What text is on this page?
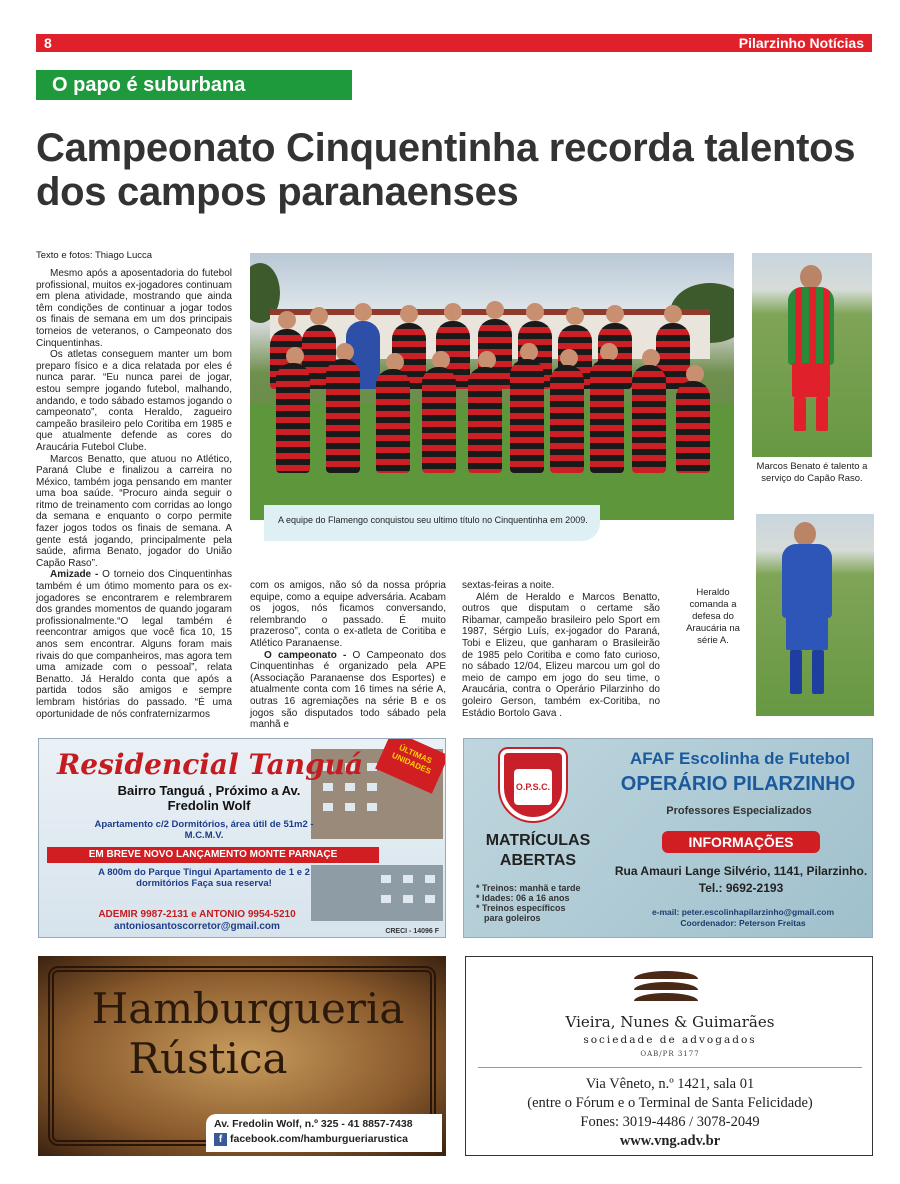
8	Pilarzinho Notícias
O papo é suburbana
Campeonato Cinquentinha recorda talentos
dos campos paranaenses
Texto e fotos: Thiago Lucca

Mesmo após a aposentadoria do futebol profissional, muitos ex-jogadores continuam em plena atividade, mostrando que ainda têm condições de continuar a jogar todos os finais de semana em um dos principais torneios de veteranos, o Campeonato dos Cinquentinhas.

Os atletas conseguem manter um bom preparo físico e a dica relatada por eles é nunca parar. “Eu nunca parei de jogar, estou sempre jogando futebol, malhando, andando, e todo sábado estamos jogando o campeonato”, conta Heraldo, zagueiro campeão brasileiro pelo Coritiba em 1985 e que atualmente defende as cores do Araucária Futebol Clube.

Marcos Benatto, que atuou no Atlético, Paraná Clube e finalizou a carreira no México, também joga pensando em manter uma boa saúde. “Procuro ainda seguir o ritmo de treinamento com corridas ao longo da semana e enquanto o corpo permite fazer jogos todos os finais de semana. A gente está jogando, principalmente pela saúde, afirma Benato, jogador do União Capão Raso”.

Amizade - O torneio dos Cinquentinhas também é um ótimo momento para os ex-jogadores se encontrarem e relembrarem dos grandes momentos de quando jogaram profissionalmente.“O legal também é reencontrar amigos que você fica 10, 15 anos sem encontrar. Alguns foram mais rivais do que companheiros, mas agora tem uma amizade com o pessoal”, relata Benatto. Já Heraldo conta que após a partida todos são amigos e sempre lembram histórias do passado. “É uma oportunidade de nós confraternizarmos

com os amigos, não só da nossa própria equipe, como a equipe adversária. Acabam os jogos, nós ficamos conversando, relembrando o passado. É muito prazeroso”, conta o ex-atleta de Coritiba e Atlético Paranaense.

O campeonato - O Campeonato dos Cinquentinhas é organizado pela APE (Associação Paranaense dos Esportes) e atualmente conta com 16 times na série A, outras 16 agremiações na série B e os jogos são disputados todo sábado pela manhã e

sextas-feiras a noite.

Além de Heraldo e Marcos Benatto, outros que disputam o certame são Ribamar, campeão brasileiro pelo Sport em 1987, Sérgio Luís, ex-jogador do Paraná, Tobi e Elizeu, que ganharam o Brasileirão de 1985 pelo Coritiba e como fato curioso, no sábado 12/04, Elizeu marcou um gol do meio de campo em jogo do seu time, o Araucária, contra o Operário Pilarzinho do goleiro Gerson, também ex-Coritiba, no Estádio Bortolo Gava .

A equipe do Flamengo conquistou seu ultimo título no Cinquentinha em 2009.
Marcos Benato é talento a serviço do Capão Raso.
Heraldo comanda a defesa do Araucária na série A.
Residencial Tanguá	ÚLTIMAS UNIDADES
Bairro Tanguá , Próximo a Av. Fredolin Wolf
Apartamento c/2 Dormitórios, área útil de 51m2 - M.C.M.V.
EM BREVE NOVO LANÇAMENTO MONTE PARNAÇE
A 800m do Parque Tingui Apartamento de 1 e 2 dormitórios Faça sua reserva!
ADEMIR 9987-2131 e ANTONIO 9954-5210
antoniosantoscorretor@gmail.com	CRECI - 14096 F
O.P.S.C.
AFAF Escolinha de Futebol
OPERÁRIO PILARZINHO
Professores Especializados
INFORMAÇÕES
MATRÍCULAS ABERTAS
Rua Amauri Lange Silvério, 1141, Pilarzinho. Tel.: 9692-2193
* Treinos: manhã e tarde
* Idades: 06 a 16 anos
* Treinos específicos
para goleiros
e-mail: peter.escolinhapilarzinho@gmail.com
Coordenador: Peterson Freitas
Hamburgueria
Rústica
Av. Fredolin Wolf, n.º 325 - 41 8857-7438
f facebook.com/hamburgueriarustica
Vieira, Nunes & Guimarães
sociedade de advogados
OAB/PR 3177
Via Vêneto, n.º 1421, sala 01
(entre o Fórum e o Terminal de Santa Felicidade)
Fones: 3019-4486 / 3078-2049
www.vng.adv.br
